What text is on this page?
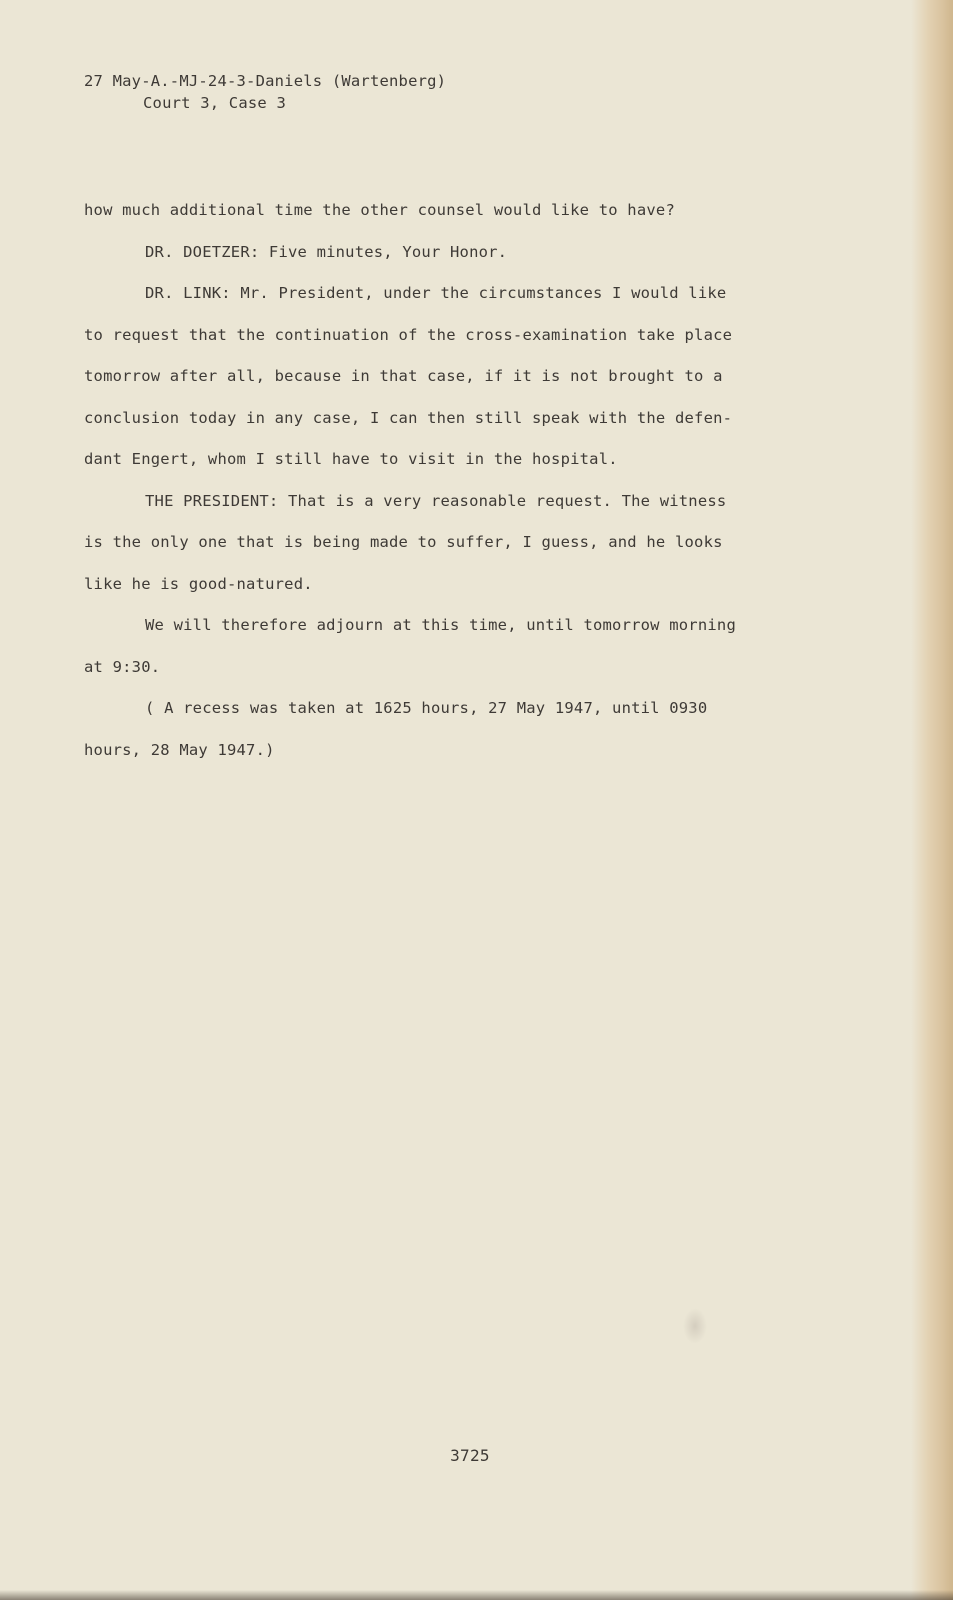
27 May-A.-MJ-24-3-Daniels (Wartenberg)
Court 3, Case 3

how much additional time the other counsel would like to have?

DR. DOETZER: Five minutes, Your Honor.

DR. LINK: Mr. President, under the circumstances I would like

to request that the continuation of the cross-examination take place

tomorrow after all, because in that case, if it is not brought to a

conclusion today in any case, I can then still speak with the defen-

dant Engert, whom I still have to visit in the hospital.

THE PRESIDENT: That is a very reasonable request. The witness

is the only one that is being made to suffer, I guess, and he looks

like he is good-natured.

We will therefore adjourn at this time, until tomorrow morning

at 9:30.

( A recess was taken at 1625 hours, 27 May 1947, until 0930

hours, 28 May 1947.)

3725
